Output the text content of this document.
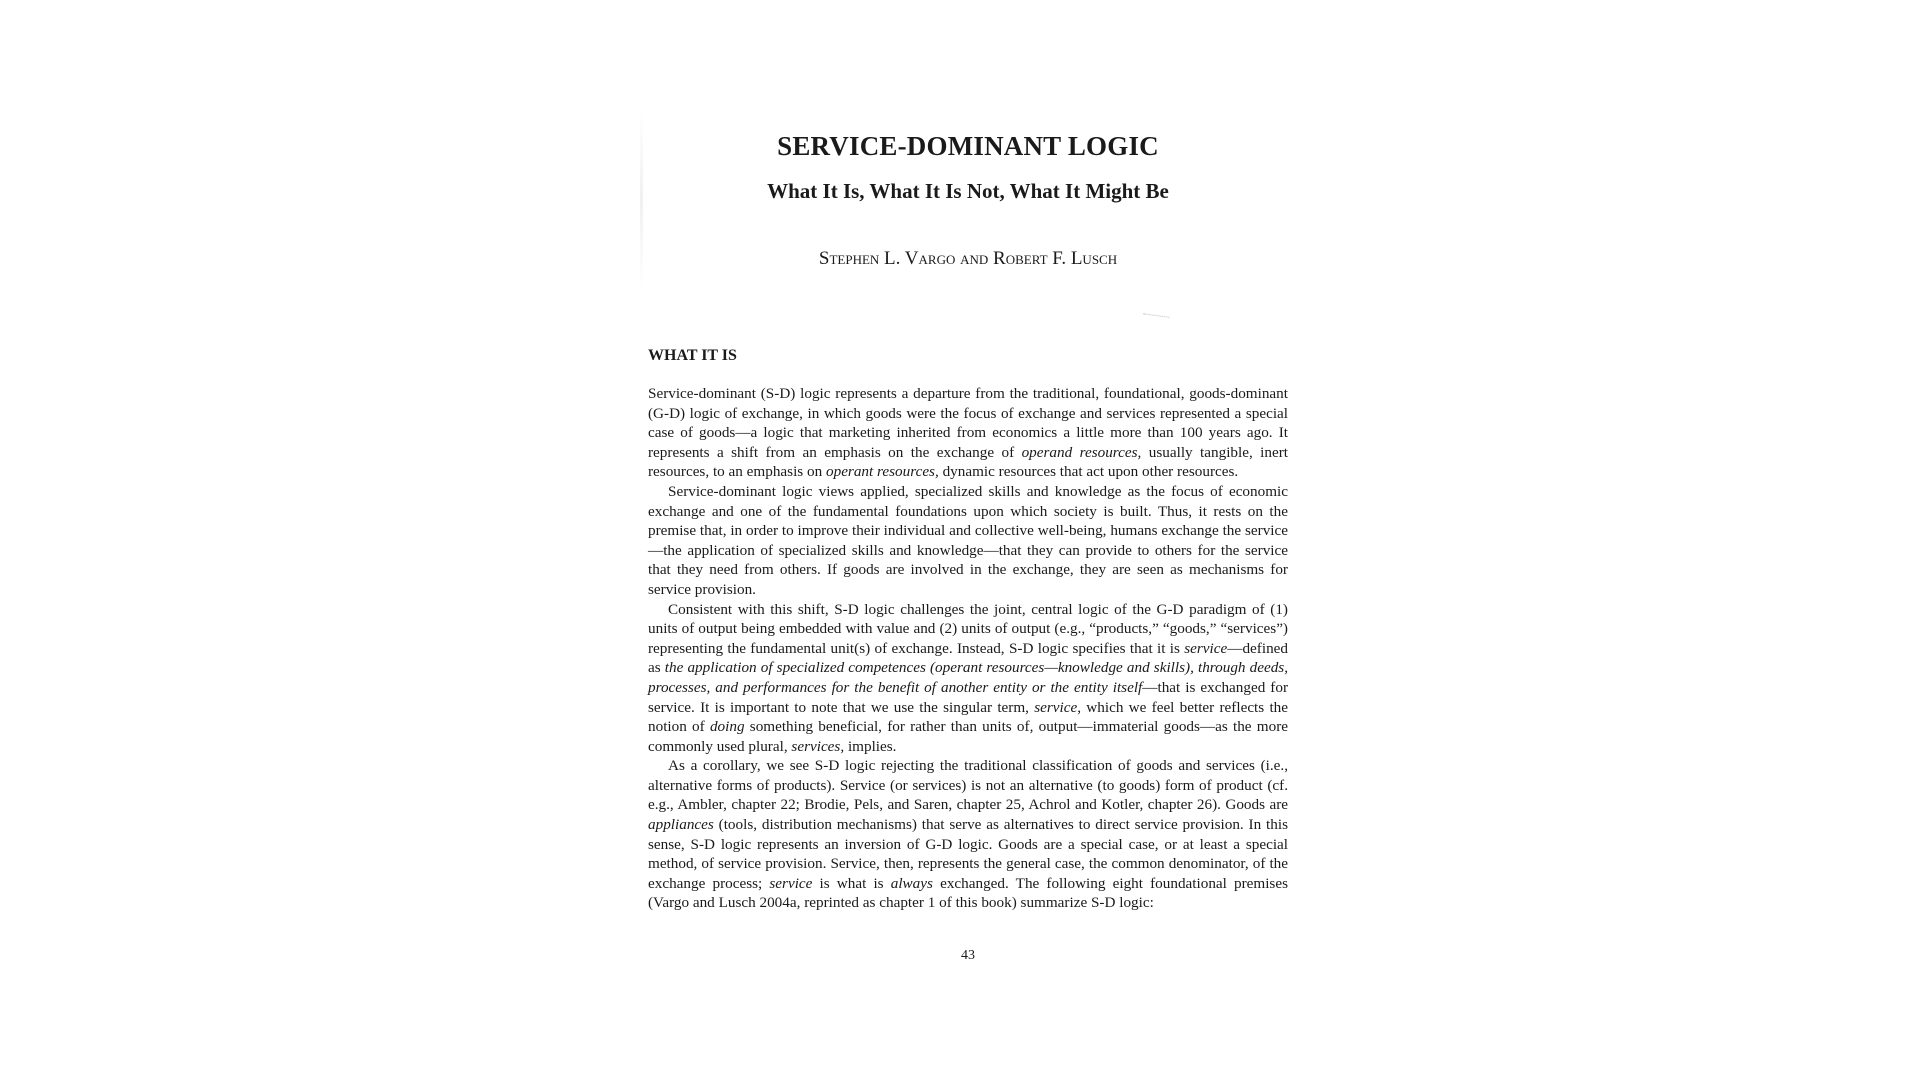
SERVICE-DOMINANT LOGIC
What It Is, What It Is Not, What It Might Be
Stephen L. Vargo and Robert F. Lusch
WHAT IT IS

Service-dominant (S-D) logic represents a departure from the traditional, foundational, goods-dominant (G-D) logic of exchange, in which goods were the focus of exchange and services represented a special case of goods—a logic that marketing inherited from economics a little more than 100 years ago. It represents a shift from an emphasis on the exchange of operand resources, usually tangible, inert resources, to an emphasis on operant resources, dynamic resources that act upon other resources.

Service-dominant logic views applied, specialized skills and knowledge as the focus of economic exchange and one of the fundamental foundations upon which society is built. Thus, it rests on the premise that, in order to improve their individual and collective well-being, humans exchange the service—the application of specialized skills and knowledge—that they can provide to others for the service that they need from others. If goods are involved in the exchange, they are seen as mechanisms for service provision.

Consistent with this shift, S-D logic challenges the joint, central logic of the G-D paradigm of (1) units of output being embedded with value and (2) units of output (e.g., “products,” “goods,” “services”) representing the fundamental unit(s) of exchange. Instead, S-D logic specifies that it is service—defined as the application of specialized competences (operant resources—knowledge and skills), through deeds, processes, and performances for the benefit of another entity or the entity itself—that is exchanged for service. It is important to note that we use the singular term, service, which we feel better reflects the notion of doing something beneficial, for rather than units of, output—immaterial goods—as the more commonly used plural, services, implies.

As a corollary, we see S-D logic rejecting the traditional classification of goods and services (i.e., alternative forms of products). Service (or services) is not an alternative (to goods) form of product (cf. e.g., Ambler, chapter 22; Brodie, Pels, and Saren, chapter 25, Achrol and Kotler, chapter 26). Goods are appliances (tools, distribution mechanisms) that serve as alternatives to direct service provision. In this sense, S-D logic represents an inversion of G-D logic. Goods are a special case, or at least a special method, of service provision. Service, then, represents the general case, the common denominator, of the exchange process; service is what is always exchanged. The following eight foundational premises (Vargo and Lusch 2004a, reprinted as chapter 1 of this book) summarize S-D logic:

43
